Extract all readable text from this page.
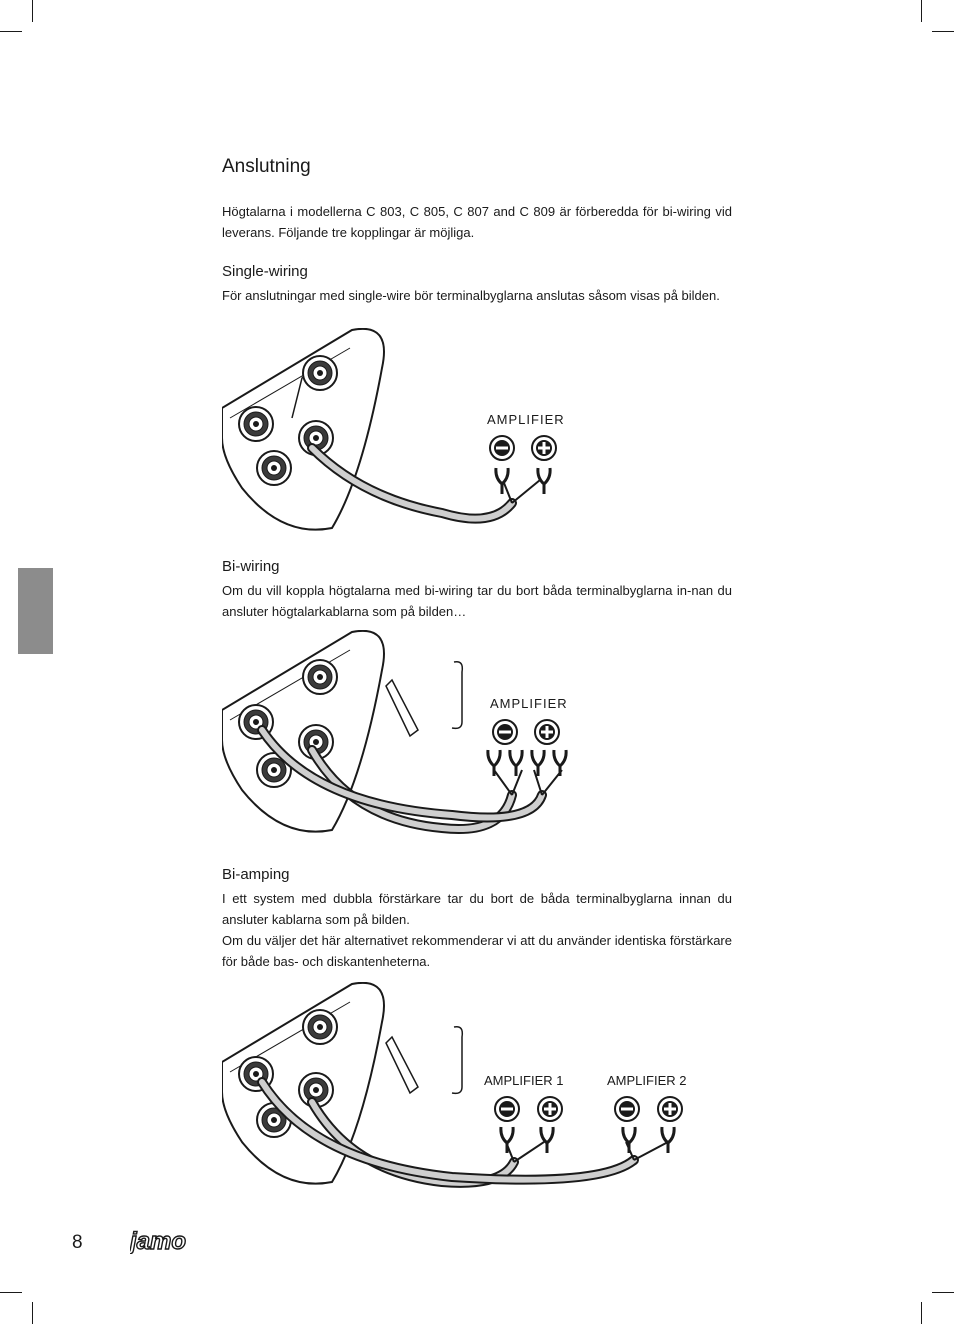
Anslutning
Högtalarna i modellerna C 803, C 805, C 807 and C 809 är förberedda för bi-wiring vid leverans. Följande tre kopplingar är möjliga.
Single-wiring
För anslutningar med single-wire bör terminalbyglarna anslutas såsom visas på bilden.
AMPLIFIER
Bi-wiring
Om du vill koppla högtalarna med bi-wiring tar du bort båda terminalbyglarna in-nan du ansluter högtalarkablarna som på bilden…
AMPLIFIER
Bi-amping
I ett system med dubbla förstärkare tar du bort de båda terminalbyglarna innan du ansluter kablarna som på bilden.
Om du väljer det här alternativet rekommenderar vi att du använder identiska förstärkare för både bas- och diskantenheterna.
AMPLIFIER 1	AMPLIFIER 2
8 jamo
